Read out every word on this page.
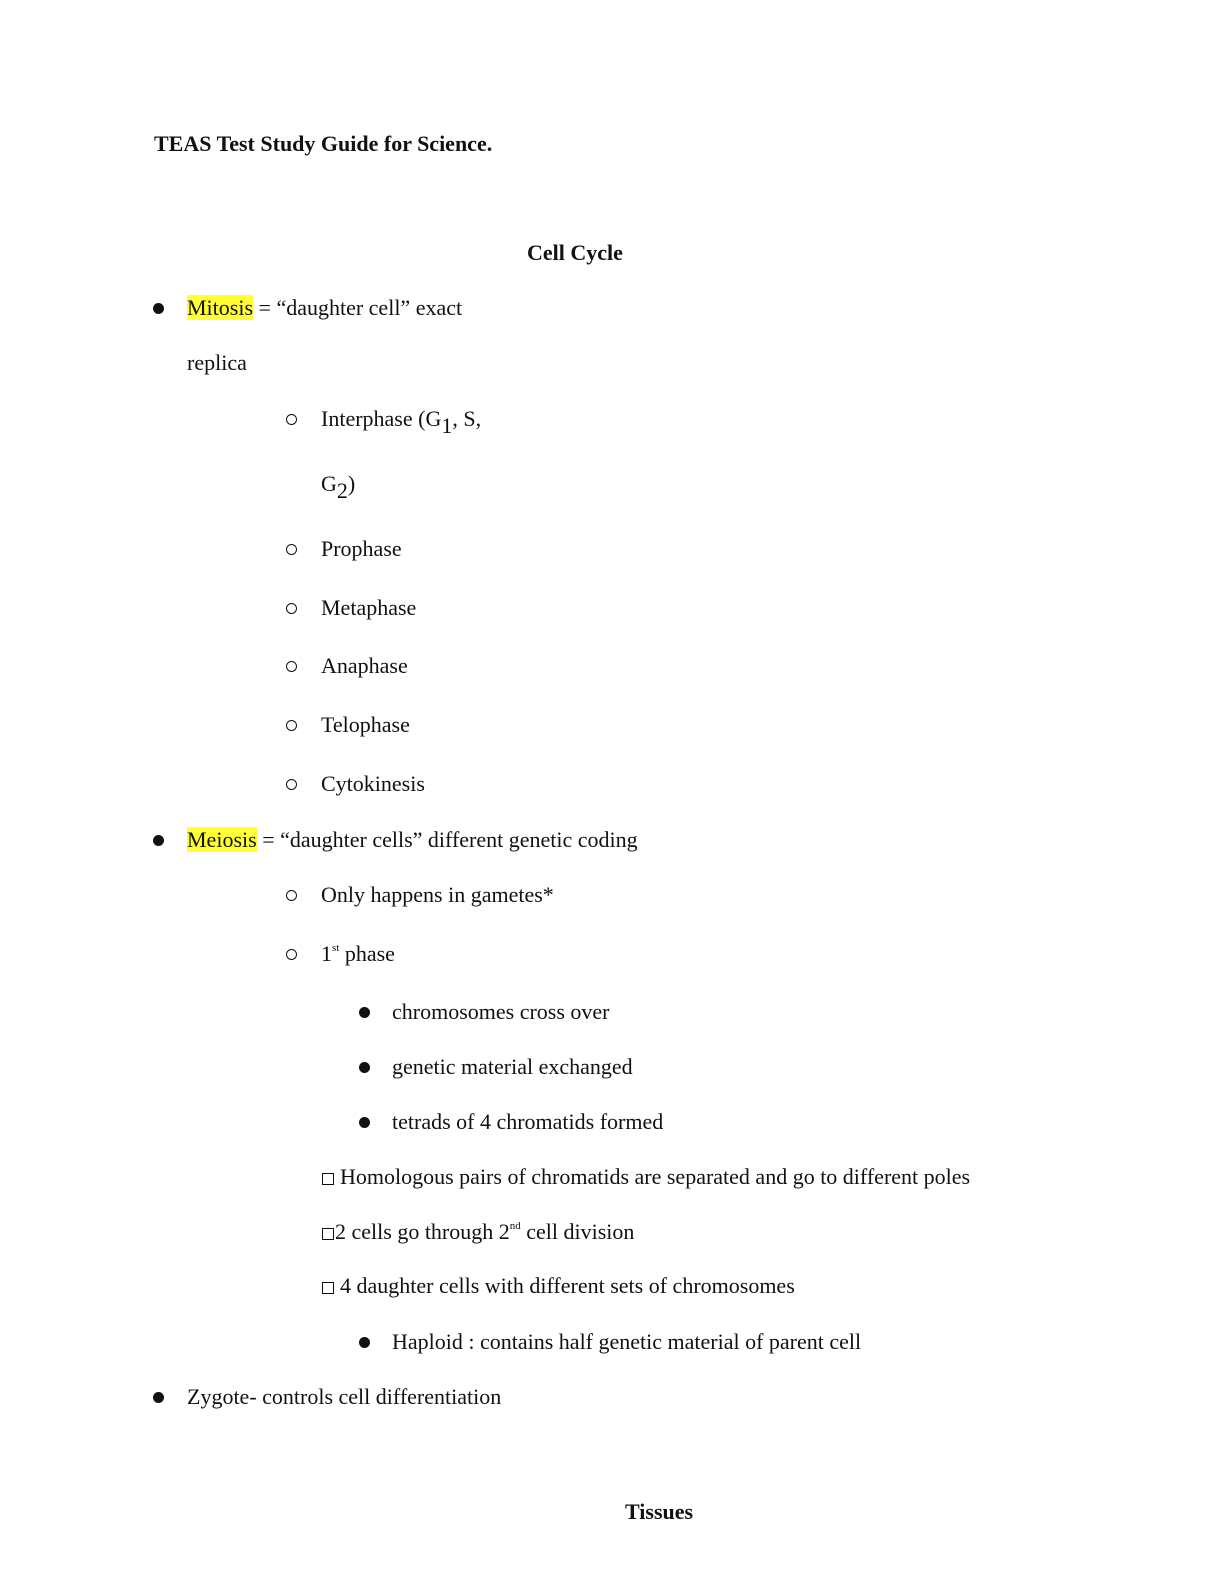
TEAS Test Study Guide for Science.
Cell Cycle
Mitosis = “daughter cell” exact
replica
Interphase ($G_1$, S,
$G_2$)
Prophase
Metaphase
Anaphase
Telophase
Cytokinesis
Meiosis = “daughter cells” different genetic coding
Only happens in gametes*
1st phase
chromosomes cross over
genetic material exchanged
tetrads of 4 chromatids formed
Homologous pairs of chromatids are separated and go to different poles
2 cells go through 2nd cell division
4 daughter cells with different sets of chromosomes
Haploid : contains half genetic material of parent cell
Zygote- controls cell differentiation
Tissues
